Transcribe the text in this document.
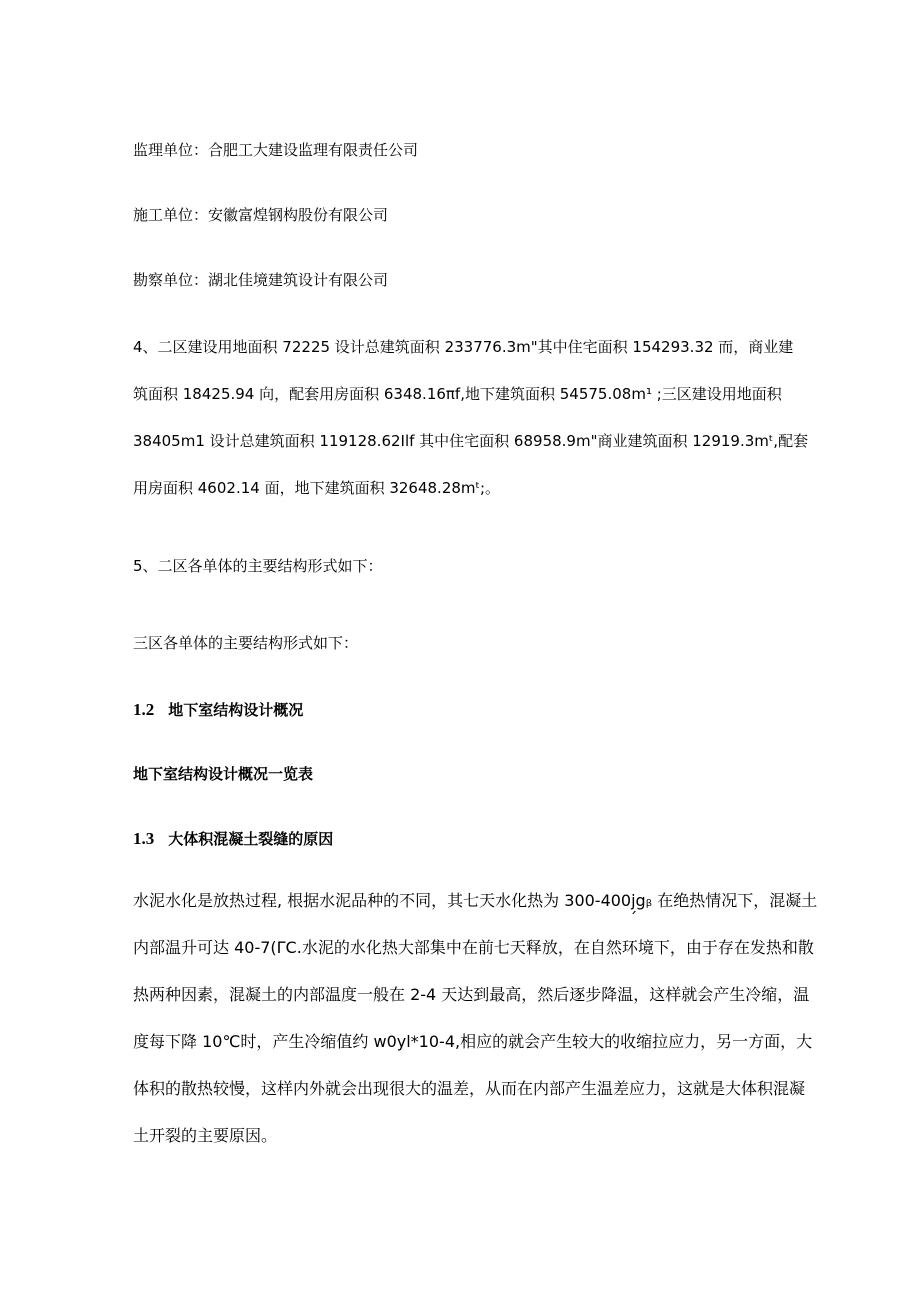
监理单位：合肥工大建设监理有限责任公司
施工单位：安徽富煌钢构股份有限公司
勘察单位：湖北佳境建筑设计有限公司
4、二区建设用地面积 72225 设计总建筑面积 233776.3m"其中住宅面积 154293.32 而，商业建
筑面积 18425.94 向，配套用房面积 6348.16πf,地下建筑面积 54575.08m¹ ;三区建设用地面积
38405m1 设计总建筑面积 119128.62Ilf 其中住宅面积 68958.9m"商业建筑面积 12919.3mᵗ,配套
用房面积 4602.14 面，地下建筑面积 32648.28mᵗ;。
5、二区各单体的主要结构形式如下：
三区各单体的主要结构形式如下：
1.2 地下室结构设计概况
地下室结构设计概况一览表
1.3 大体积混凝土裂缝的原因
水泥水化是放热过程, 根据水泥品种的不同，其七天水化热为 300-400j̗gᵦ 在绝热情况下，混凝土
内部温升可达 40-7(ΓC.水泥的水化热大部集中在前七天释放，在自然环境下，由于存在发热和散
热两种因素，混凝土的内部温度一般在 2-4 天达到最高，然后逐步降温，这样就会产生冷缩，温
度每下降 10℃时，产生冷缩值约 w0yl*10-4,相应的就会产生较大的收缩拉应力，另一方面，大
体积的散热较慢，这样内外就会出现很大的温差，从而在内部产生温差应力，这就是大体积混凝
土开裂的主要原因。
